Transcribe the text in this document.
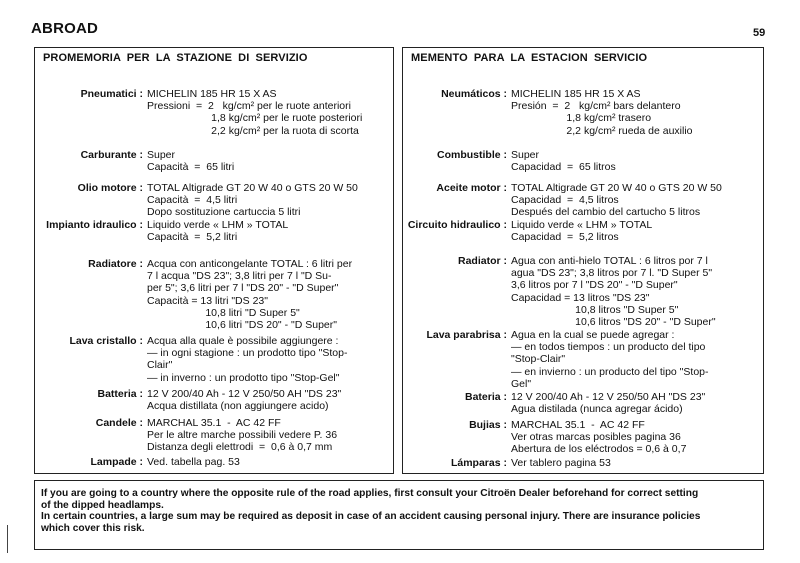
ABROAD	59
PROMEMORIA PER LA STAZIONE DI SERVIZIO
Pneumatici : MICHELIN 185 HR 15 X AS
Pressioni  =  2   kg/cm² per le ruote anteriori
1,8 kg/cm² per le ruote posteriori
2,2 kg/cm² per la ruota di scorta
Carburante : Super
Capacità  =  65 litri
Olio motore : TOTAL Altigrade GT 20 W 40 o GTS 20 W 50
Capacità  =  4,5 litri
Dopo sostituzione cartuccia 5 litri
Impianto idraulico : Liquido verde « LHM » TOTAL
Capacità  =  5,2 litri
Radiatore : Acqua con anticongelante TOTAL : 6 litri per
7 l acqua "DS 23"; 3,8 litri per 7 l "D Su-
per 5"; 3,6 litri per 7 l "DS 20" - "D Super"
Capacità = 13 litri "DS 23"
10,8 litri "D Super 5"
10,6 litri "DS 20" - "D Super"
Lava cristallo : Acqua alla quale è possibile aggiungere :
— in ogni stagione : un prodotto tipo "Stop-
Clair"
— in inverno : un prodotto tipo "Stop-Gel"
Batteria : 12 V 200/40 Ah - 12 V 250/50 AH "DS 23"
Acqua distillata (non aggiungere acido)
Candele : MARCHAL 35.1  -  AC 42 FF
Per le altre marche possibili vedere P. 36
Distanza degli elettrodi  =  0,6 à 0,7 mm
Lampade : Ved. tabella pag. 53
MEMENTO PARA LA ESTACION SERVICIO
Neumáticos : MICHELIN 185 HR 15 X AS
Presión  =  2   kg/cm² bars delantero
1,8 kg/cm² trasero
2,2 kg/cm² rueda de auxilio
Combustible : Super
Capacidad  =  65 litros
Aceite motor : TOTAL Altigrade GT 20 W 40 o GTS 20 W 50
Capacidad  =  4,5 litros
Después del cambio del cartucho 5 litros
Circuito hidraulico : Liquido verde « LHM » TOTAL
Capacidad  =  5,2 litros
Radiator : Agua con anti-hielo TOTAL : 6 litros por 7 l
agua "DS 23"; 3,8 litros por 7 l. "D Super 5"
3,6 litros por 7 l "DS 20" - "D Super"
Capacidad = 13 litros "DS 23"
10,8 litros "D Super 5"
10,6 litros "DS 20" - "D Super"
Lava parabrisa : Agua en la cual se puede agregar :
— en todos tiempos : un producto del tipo
"Stop-Clair"
— en invierno : un producto del tipo "Stop-
Gel"
Bateria : 12 V 200/40 Ah - 12 V 250/50 AH "DS 23"
Agua distilada (nunca agregar ácido)
Bujias : MARCHAL 35.1  -  AC 42 FF
Ver otras marcas posibles pagina 36
Abertura de los eléctrodos = 0,6 à 0,7
Lámparas : Ver tablero pagina 53
If you are going to a country where the opposite rule of the road applies, first consult your Citroën Dealer beforehand for correct setting
of the dipped headlamps.
In certain countries, a large sum may be required as deposit in case of an accident causing personal injury. There are insurance policies
which cover this risk.
